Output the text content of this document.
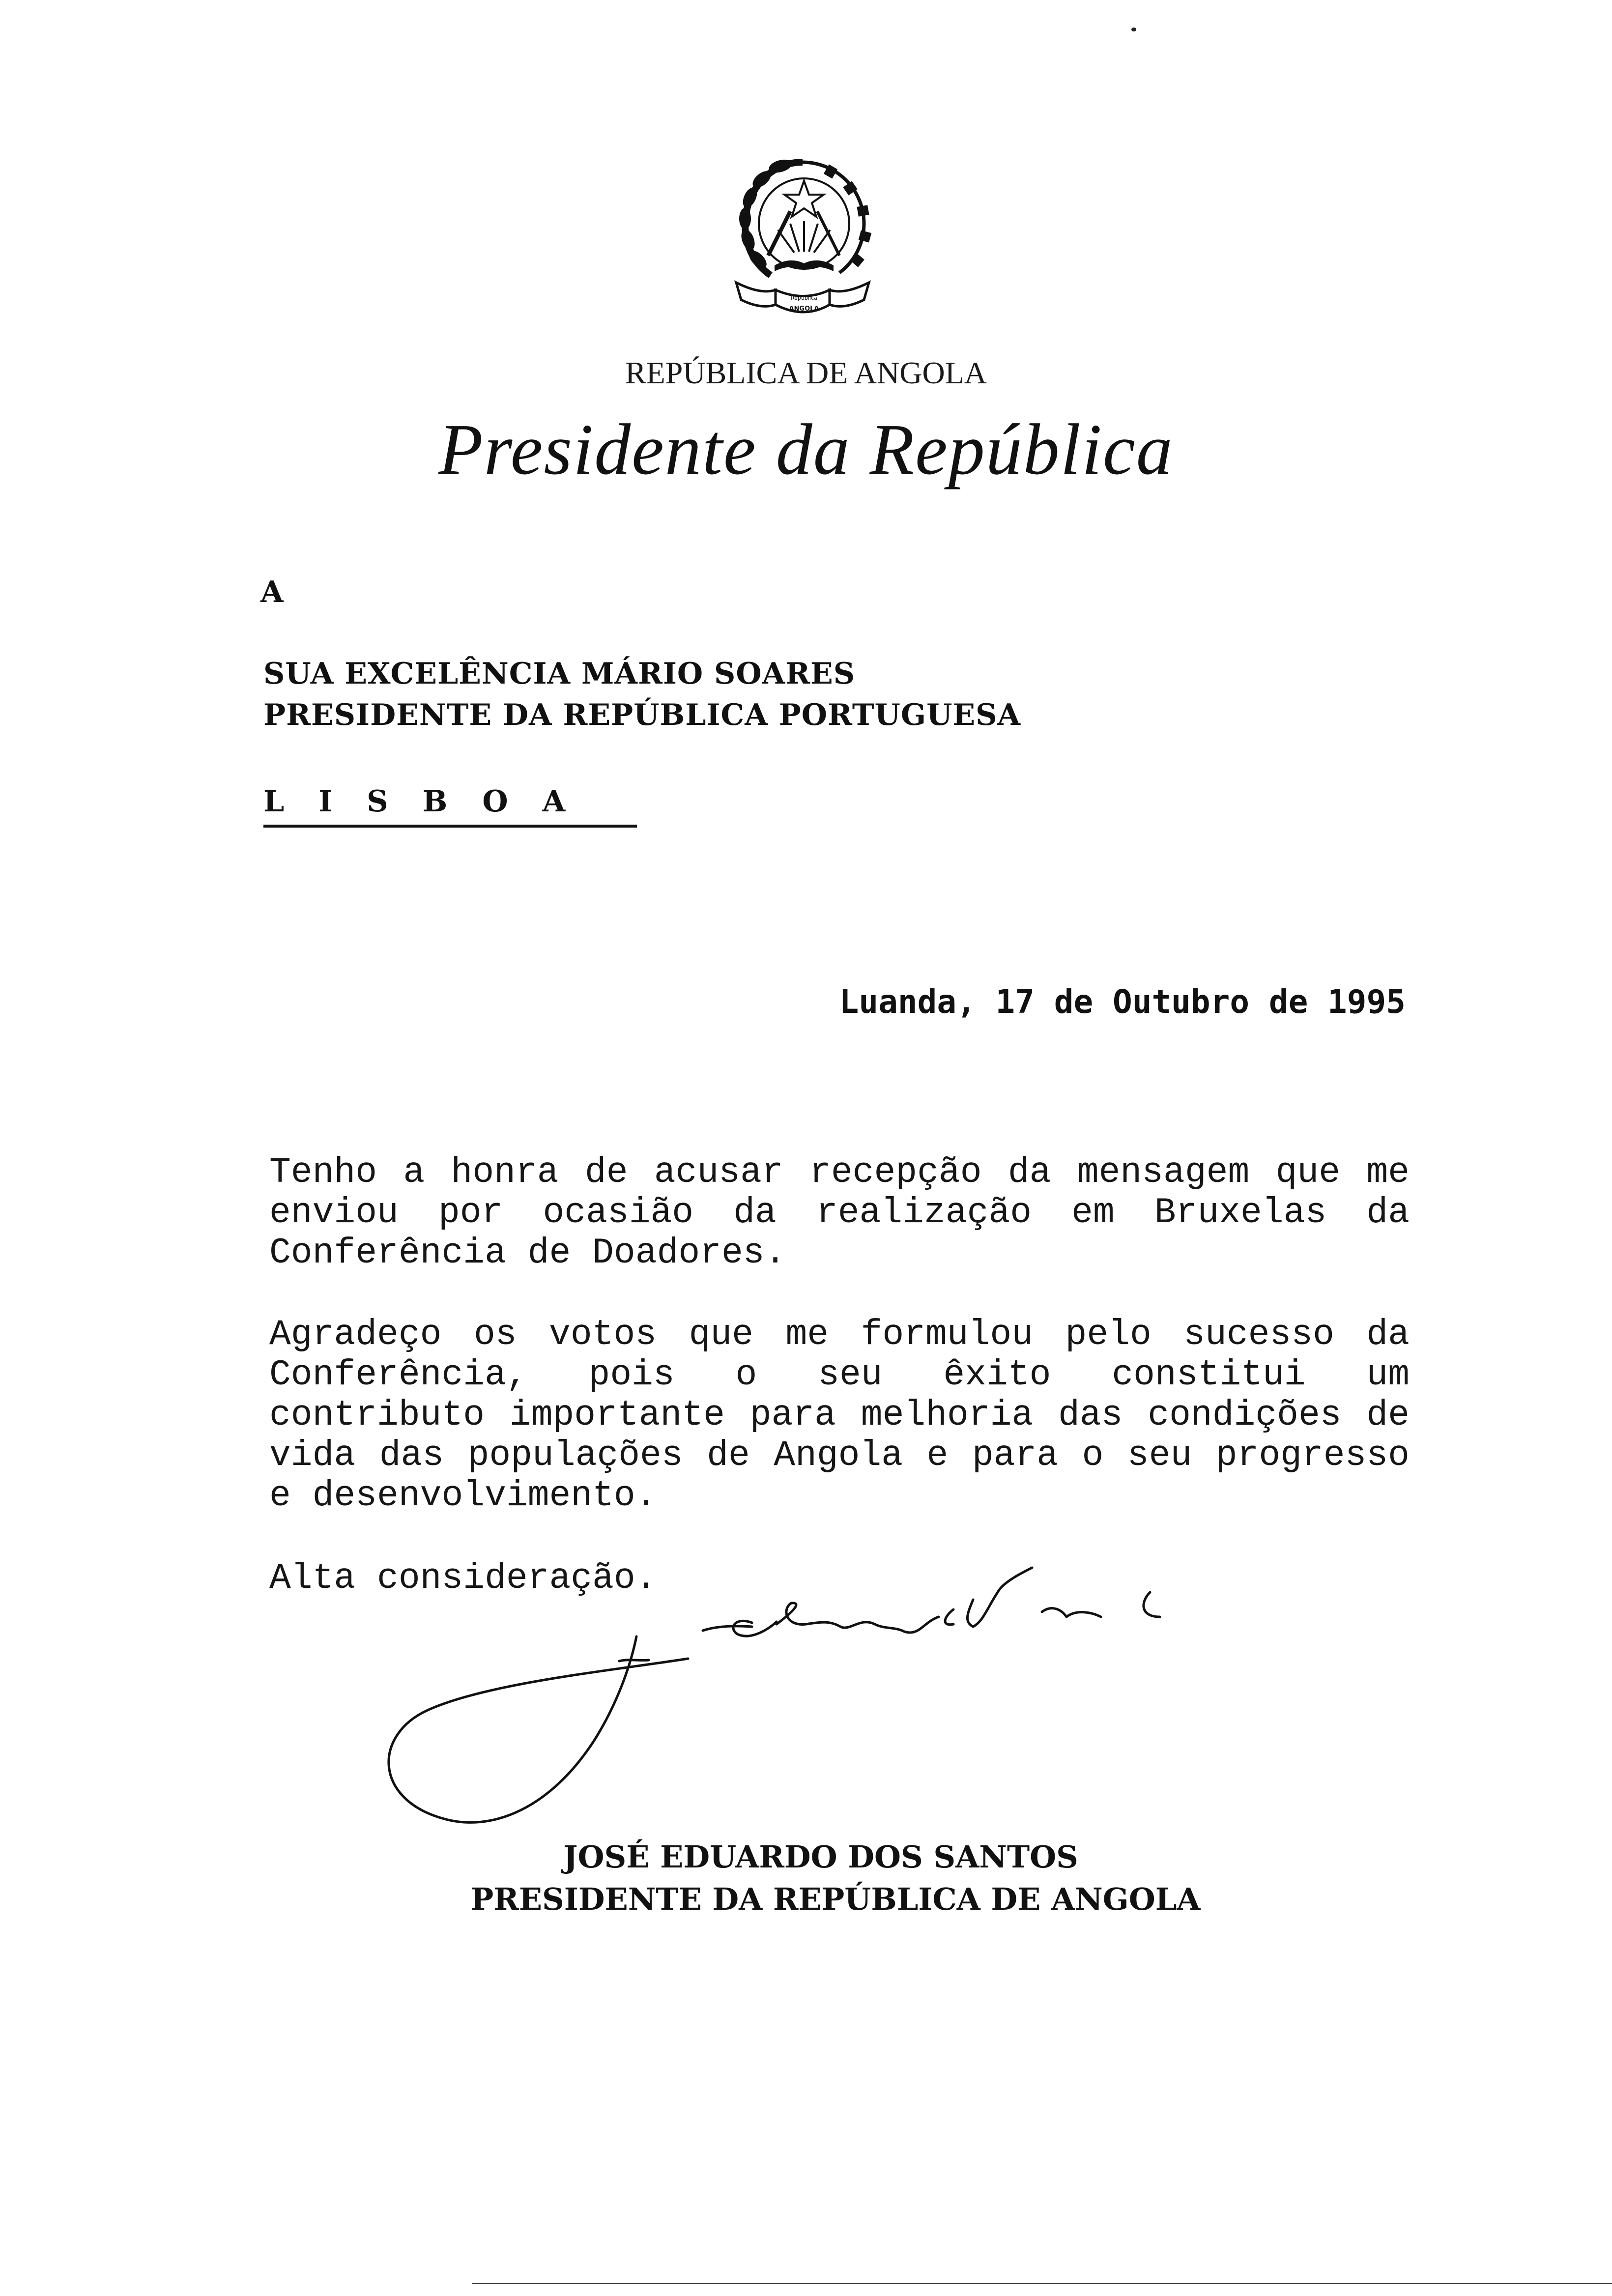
República
ANGOLA
REPÚBLICA DE ANGOLA
Presidente da República
A
SUA EXCELÊNCIA MÁRIO SOARES
PRESIDENTE DA REPÚBLICA PORTUGUESA
LISBOA
Luanda, 17 de Outubro de 1995
Tenho a honra de acusar recepção da mensagem que me enviou por ocasião da realização em Bruxelas da Conferência de Doadores.
Agradeço os votos que me formulou pelo sucesso da Conferência, pois o seu êxito constitui um contributo importante para melhoria das condições de vida das populações de Angola e para o seu progresso e desenvolvimento.
Alta consideração.
JOSÉ EDUARDO DOS SANTOS
PRESIDENTE DA REPÚBLICA DE ANGOLA
